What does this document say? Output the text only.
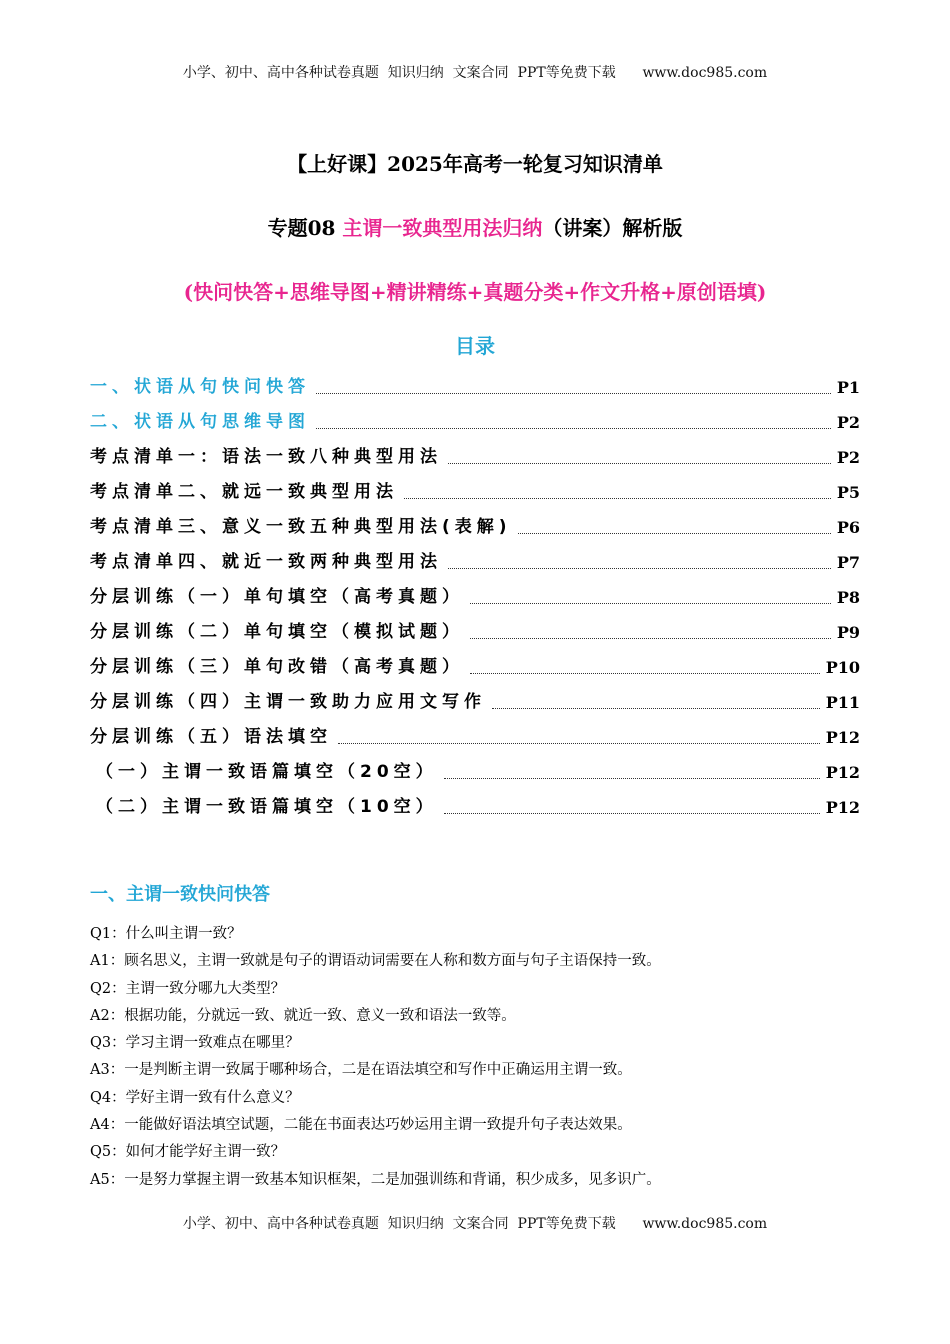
小学、初中、高中各种试卷真题  知识归纳  文案合同  PPT等免费下载      www.doc985.com
【上好课】2025年高考一轮复习知识清单
专题08 主谓一致典型用法归纳（讲案）解析版
(快问快答+思维导图+精讲精练+真题分类+作文升格+原创语填)
目录
一、状语从句快问快答	P1
二、状语从句思维导图	P2
考点清单一：语法一致八种典型用法	P2
考点清单二、就远一致典型用法	P5
考点清单三、意义一致五种典型用法(表解)	P6
考点清单四、就近一致两种典型用法	P7
分层训练（一）单句填空（高考真题）	P8
分层训练（二）单句填空（模拟试题）	P9
分层训练（三）单句改错（高考真题）	P10
分层训练（四）主谓一致助力应用文写作	P11
分层训练（五）语法填空	P12
（一）主谓一致语篇填空（20空）	P12
（二）主谓一致语篇填空（10空）	P12
一、主谓一致快问快答
Q1：什么叫主谓一致？
A1：顾名思义，主谓一致就是句子的谓语动词需要在人称和数方面与句子主语保持一致。
Q2：主谓一致分哪九大类型？
A2：根据功能，分就远一致、就近一致、意义一致和语法一致等。
Q3：学习主谓一致难点在哪里？
A3：一是判断主谓一致属于哪种场合，二是在语法填空和写作中正确运用主谓一致。
Q4：学好主谓一致有什么意义？
A4：一能做好语法填空试题，二能在书面表达巧妙运用主谓一致提升句子表达效果。
Q5：如何才能学好主谓一致？
A5：一是努力掌握主谓一致基本知识框架，二是加强训练和背诵，积少成多，见多识广。
小学、初中、高中各种试卷真题  知识归纳  文案合同  PPT等免费下载      www.doc985.com
